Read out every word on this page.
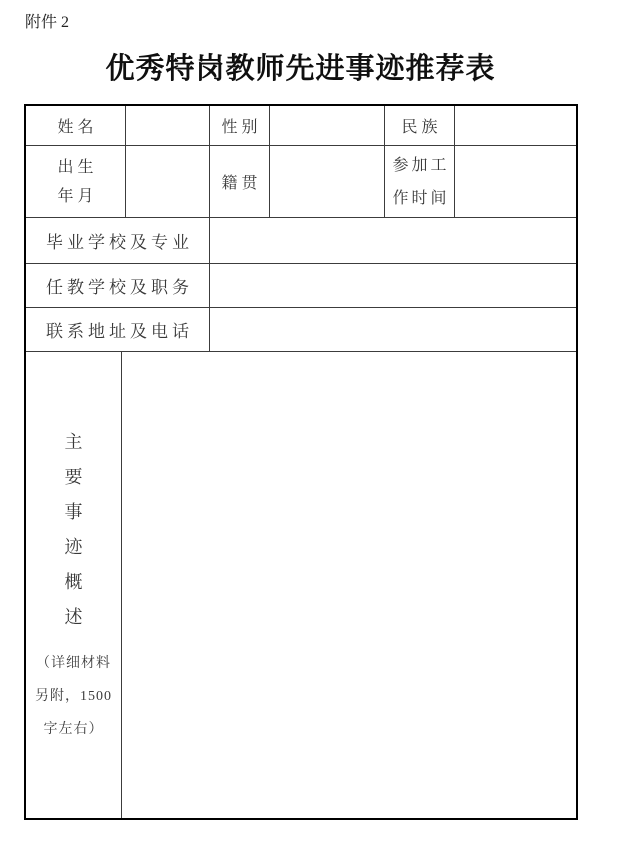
附件 2
优秀特岗教师先进事迹推荐表
姓 名	性 别	民 族
出 生
年 月
籍 贯
参加工
作时间
毕业学校及专业
任教学校及职务
联系地址及电话
主
要
事
迹
概
述
（详细材料
另附，1500
字左右）
